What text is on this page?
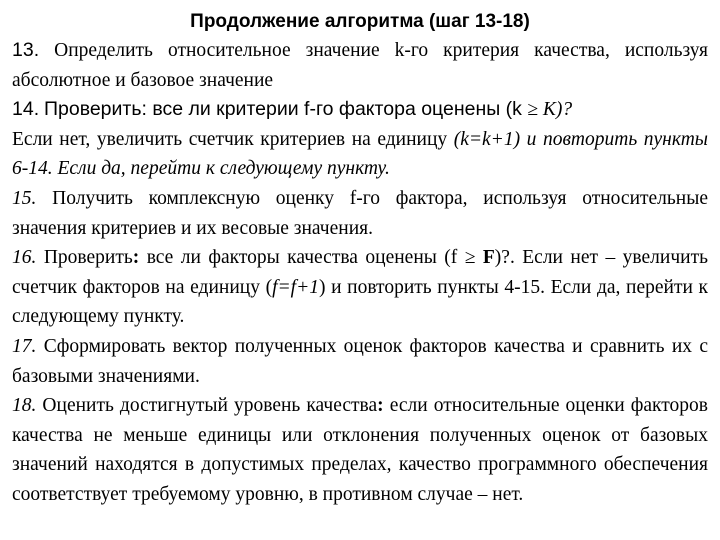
Продолжение алгоритма (шаг 13-18)

13. Определить относительное значение k-го критерия качества, используя абсолютное и базовое значение

14. Проверить: все ли критерии f-го фактора оценены (k ≥ K)?
Если нет, увеличить счетчик критериев на единицу (k=k+1) и повторить пункты 6-14. Если да, перейти к следующему пункту.

15. Получить комплексную оценку f-го фактора, используя относительные значения критериев и их весовые значения.

16. Проверить: все ли факторы качества оценены (f ≥ F)?. Если нет – увеличить счетчик факторов на единицу (f=f+1) и повторить пункты 4-15. Если да, перейти к следующему пункту.

17. Сформировать вектор полученных оценок факторов качества и сравнить их с базовыми значениями.

18. Оценить достигнутый уровень качества: если относительные оценки факторов качества не меньше единицы или отклонения полученных оценок от базовых значений находятся в допустимых пределах, качество программного обеспечения соответствует требуемому уровню, в противном случае – нет.
